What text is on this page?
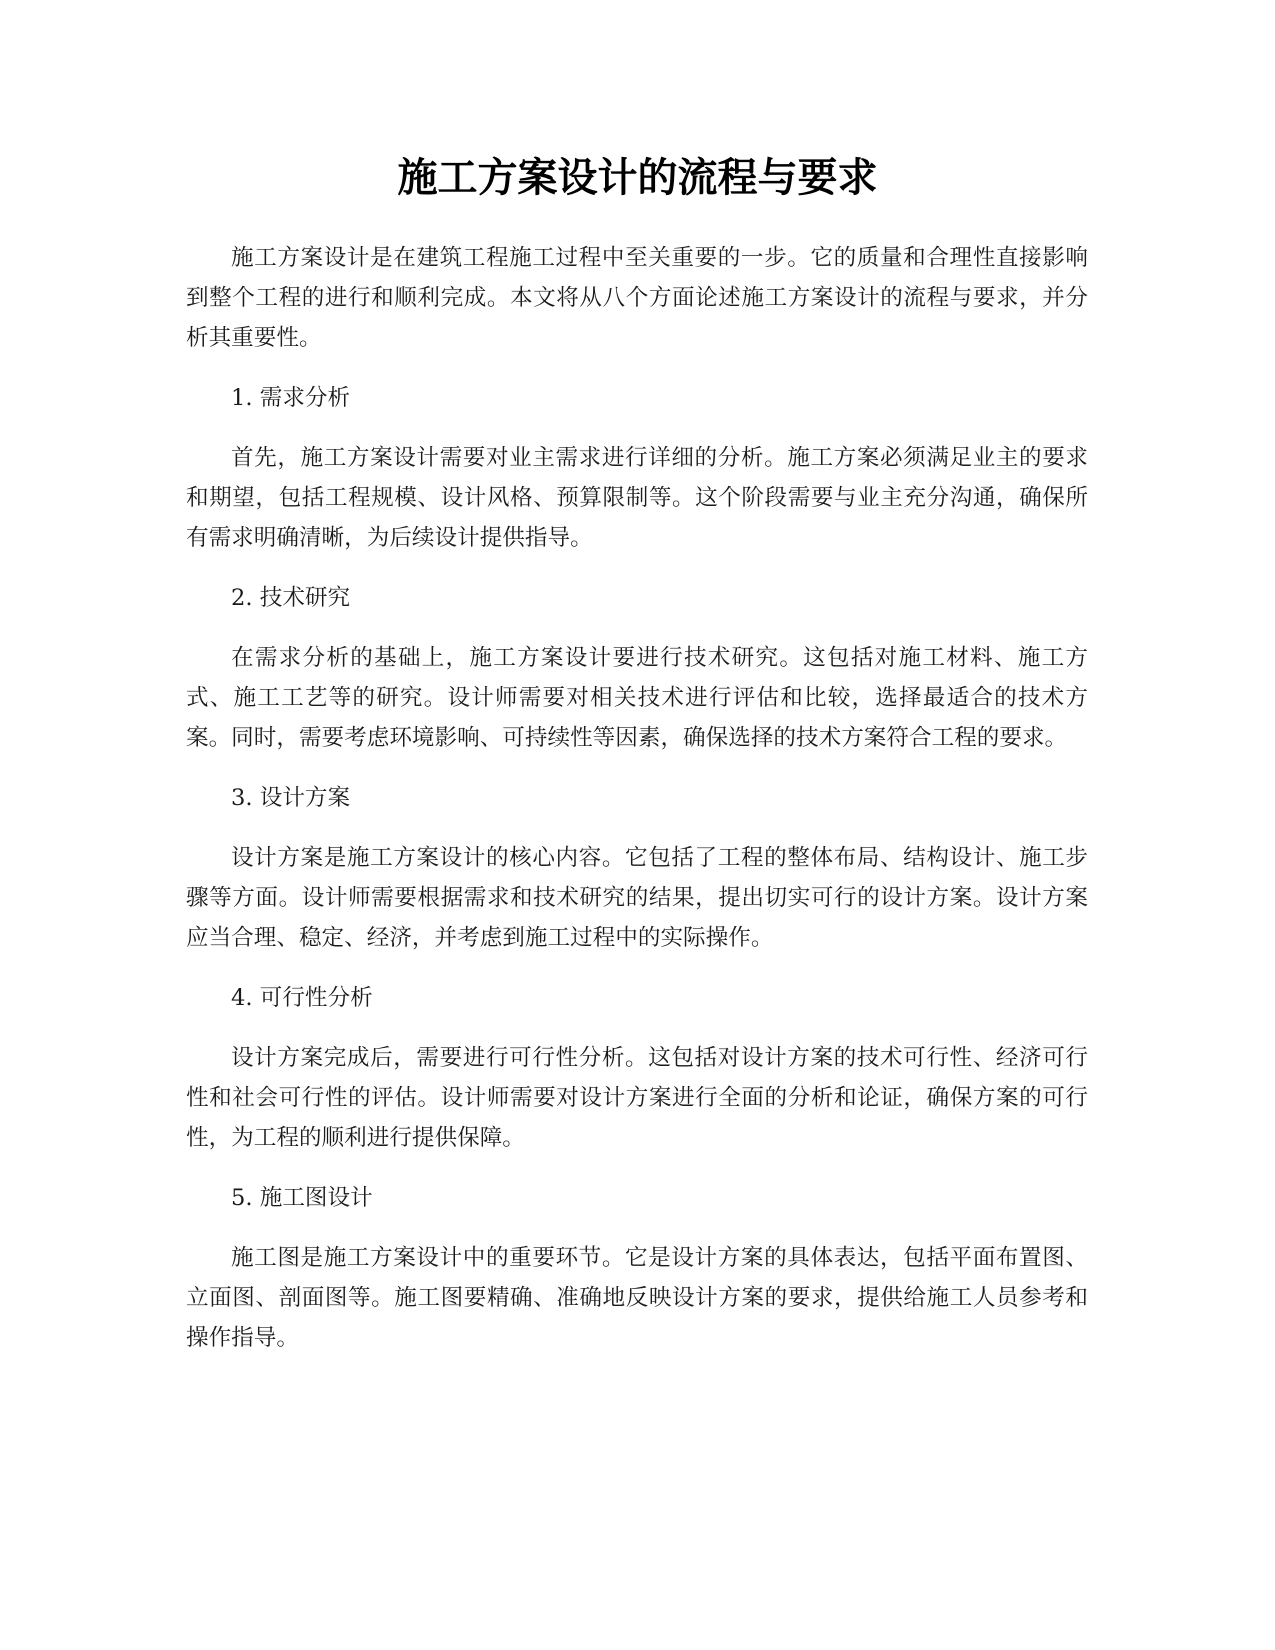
施工方案设计的流程与要求

施工方案设计是在建筑工程施工过程中至关重要的一步。它的质量和合理性直接影响到整个工程的进行和顺利完成。本文将从八个方面论述施工方案设计的流程与要求，并分析其重要性。

1. 需求分析

首先，施工方案设计需要对业主需求进行详细的分析。施工方案必须满足业主的要求和期望，包括工程规模、设计风格、预算限制等。这个阶段需要与业主充分沟通，确保所有需求明确清晰，为后续设计提供指导。

2. 技术研究

在需求分析的基础上，施工方案设计要进行技术研究。这包括对施工材料、施工方式、施工工艺等的研究。设计师需要对相关技术进行评估和比较，选择最适合的技术方案。同时，需要考虑环境影响、可持续性等因素，确保选择的技术方案符合工程的要求。

3. 设计方案

设计方案是施工方案设计的核心内容。它包括了工程的整体布局、结构设计、施工步骤等方面。设计师需要根据需求和技术研究的结果，提出切实可行的设计方案。设计方案应当合理、稳定、经济，并考虑到施工过程中的实际操作。

4. 可行性分析

设计方案完成后，需要进行可行性分析。这包括对设计方案的技术可行性、经济可行性和社会可行性的评估。设计师需要对设计方案进行全面的分析和论证，确保方案的可行性，为工程的顺利进行提供保障。

5. 施工图设计

施工图是施工方案设计中的重要环节。它是设计方案的具体表达，包括平面布置图、立面图、剖面图等。施工图要精确、准确地反映设计方案的要求，提供给施工人员参考和操作指导。
